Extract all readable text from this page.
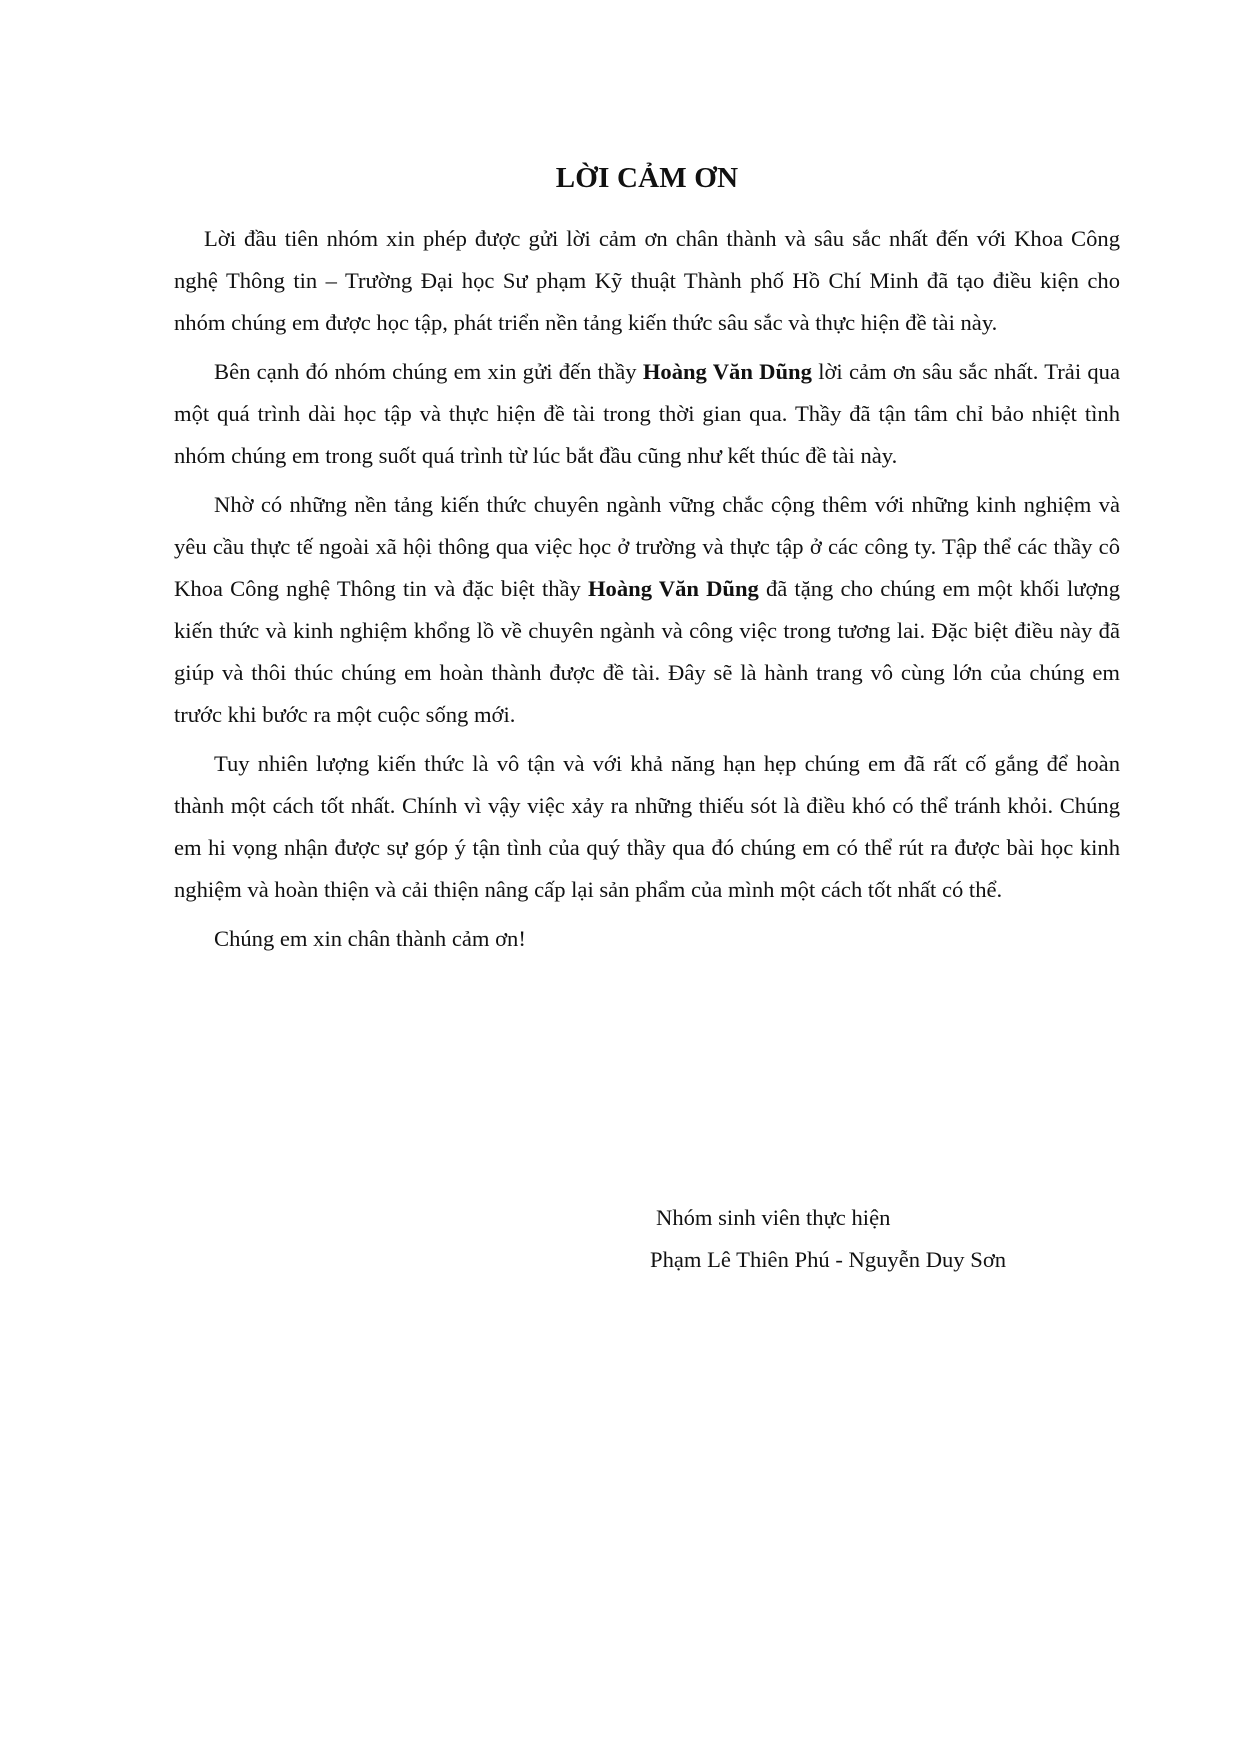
LỜI CẢM ƠN

Lời đầu tiên nhóm xin phép được gửi lời cảm ơn chân thành và sâu sắc nhất đến với Khoa Công nghệ Thông tin – Trường Đại học Sư phạm Kỹ thuật Thành phố Hồ Chí Minh đã tạo điều kiện cho nhóm chúng em được học tập, phát triển nền tảng kiến thức sâu sắc và thực hiện đề tài này.

Bên cạnh đó nhóm chúng em xin gửi đến thầy Hoàng Văn Dũng lời cảm ơn sâu sắc nhất. Trải qua một quá trình dài học tập và thực hiện đề tài trong thời gian qua. Thầy đã tận tâm chỉ bảo nhiệt tình nhóm chúng em trong suốt quá trình từ lúc bắt đầu cũng như kết thúc đề tài này.

Nhờ có những nền tảng kiến thức chuyên ngành vững chắc cộng thêm với những kinh nghiệm và yêu cầu thực tế ngoài xã hội thông qua việc học ở trường và thực tập ở các công ty. Tập thể các thầy cô Khoa Công nghệ Thông tin và đặc biệt thầy Hoàng Văn Dũng đã tặng cho chúng em một khối lượng kiến thức và kinh nghiệm khổng lồ về chuyên ngành và công việc trong tương lai. Đặc biệt điều này đã giúp và thôi thúc chúng em hoàn thành được đề tài. Đây sẽ là hành trang vô cùng lớn của chúng em trước khi bước ra một cuộc sống mới.

Tuy nhiên lượng kiến thức là vô tận và với khả năng hạn hẹp chúng em đã rất cố gắng để hoàn thành một cách tốt nhất. Chính vì vậy việc xảy ra những thiếu sót là điều khó có thể tránh khỏi. Chúng em hi vọng nhận được sự góp ý tận tình của quý thầy qua đó chúng em có thể rút ra được bài học kinh nghiệm và hoàn thiện và cải thiện nâng cấp lại sản phẩm của mình một cách tốt nhất có thể.

Chúng em xin chân thành cảm ơn!

Nhóm sinh viên thực hiện
Phạm Lê Thiên Phú - Nguyễn Duy Sơn
